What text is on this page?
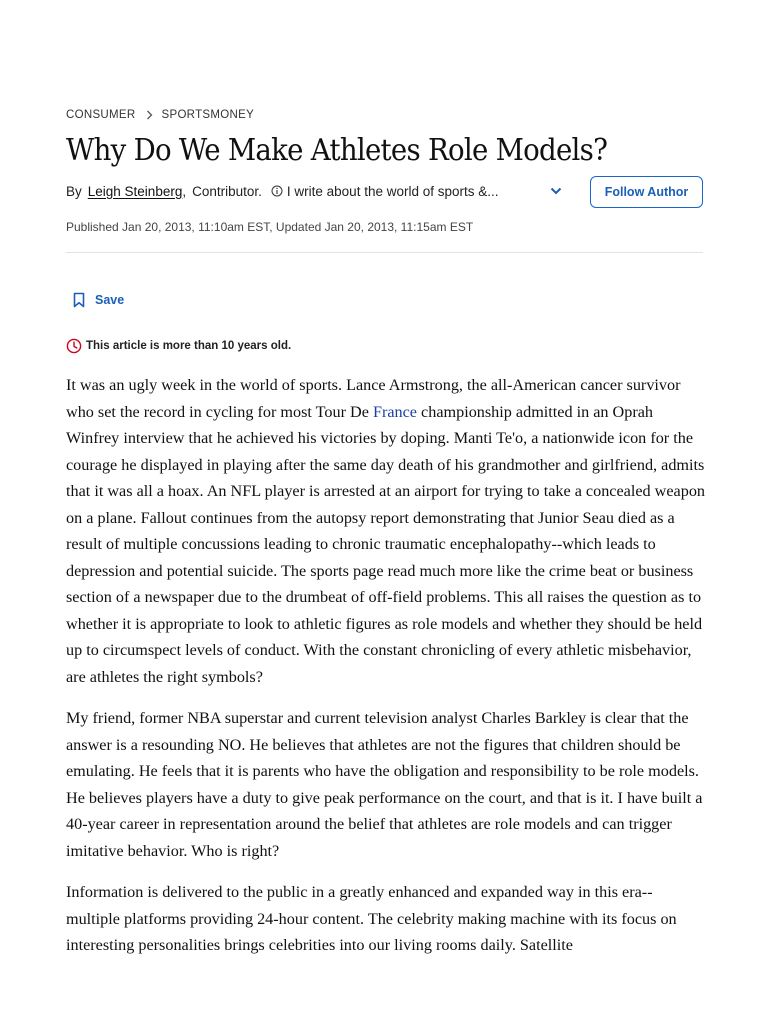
CONSUMER SPORTSMONEY
Why Do We Make Athletes Role Models?
By Leigh Steinberg , Contributor. I write about the world of sports &...	Follow Author
Published Jan 20, 2013, 11:10am EST, Updated Jan 20, 2013, 11:15am EST
Save
This article is more than 10 years old.

It was an ugly week in the world of sports. Lance Armstrong, the all-American cancer survivor who set the record in cycling for most Tour De France championship admitted in an Oprah Winfrey interview that he achieved his victories by doping. Manti Te'o, a nationwide icon for the courage he displayed in playing after the same day death of his grandmother and girlfriend, admits that it was all a hoax. An NFL player is arrested at an airport for trying to take a concealed weapon on a plane. Fallout continues from the autopsy report demonstrating that Junior Seau died as a result of multiple concussions leading to chronic traumatic encephalopathy--which leads to depression and potential suicide. The sports page read much more like the crime beat or business section of a newspaper due to the drumbeat of off-field problems. This all raises the question as to whether it is appropriate to look to athletic figures as role models and whether they should be held up to circumspect levels of conduct. With the constant chronicling of every athletic misbehavior, are athletes the right symbols?

My friend, former NBA superstar and current television analyst Charles Barkley is clear that the answer is a resounding NO. He believes that athletes are not the figures that children should be emulating. He feels that it is parents who have the obligation and responsibility to be role models. He believes players have a duty to give peak performance on the court, and that is it. I have built a 40-year career in representation around the belief that athletes are role models and can trigger imitative behavior. Who is right?

Information is delivered to the public in a greatly enhanced and expanded way in this era--multiple platforms providing 24-hour content. The celebrity making machine with its focus on interesting personalities brings celebrities into our living rooms daily. Satellite
